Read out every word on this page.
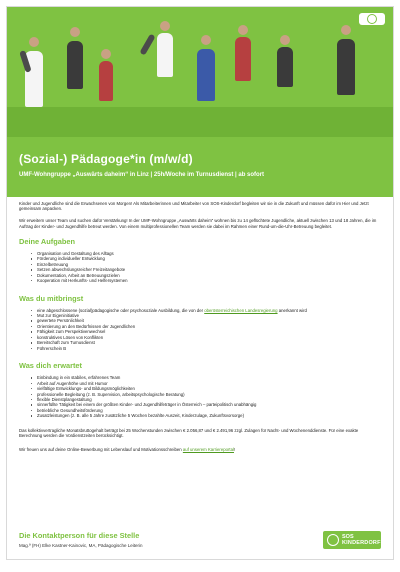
(Sozial-) Pädagoge*in (m/w/d)
UMF-Wohngruppe „Auswärts daheim“ in Linz | 25h/Woche im Turnusdienst | ab sofort

Kinder und Jugendliche sind die Erwachsenen von Morgen! Als Mitarbeiterinnen und Mitarbeiter von SOS-Kinderdorf begleiten wir sie in die Zukunft und müssen dafür im Hier und Jetzt gemeinsam anpacken.

Wir erweitern unser Team und suchen dafür Verstärkung! In der UMF-Wohngruppe „Auswärts daheim“ wohnen bis zu 14 geflüchtete Jugendliche, aktuell zwischen 13 und 18 Jahren, die im Auftrag der Kinder- und Jugendhilfe betreut werden. Von einem multiprofessionellen Team werden sie dabei im Rahmen einer Rund-um-die-Uhr-Betreuung begleitet.

Deine Aufgaben
Organisation und Gestaltung des Alltags
Förderung individueller Entwicklung
Einzelbetreuung
Setzen abwechslungsreicher Freizeitangebote
Dokumentation, Arbeit an Betreuungszielen
Kooperation mit Herkunfts- und Helfersystemen
Was du mitbringst
eine abgeschlossene (sozial)pädagogische oder psychosoziale Ausbildung, die von der oberösterreichischen Landesregierung anerkannt wird
Mut zur Eigeninitiative
gewertete Persönlichkeit
Orientierung an den Bedürfnissen der Jugendlichen
Fähigkeit zum Perspektivenwechsel
konstruktives Lösen von Konflikten
Bereitschaft zum Turnusdienst
Führerschein B
Was dich erwartet
Einbindung in ein stabiles, erfahrenes Team
Arbeit auf Augenhöhe und mit Humor
vielfältige Entwicklungs- und Bildungsmöglichkeiten
professionelle Begleitung (z. B. Supervision, arbeitspsychologische Beratung)
flexible Dienstplangestaltung
sinnerfüllte Tätigkeit bei einem der größten Kinder- und Jugendhilfeträger in Österreich – parteipolitisch unabhängig
betriebliche Gesundheitsförderung
Zusatzleistungen (z. B. alle 5 Jahre zusätzliche 5 Wochen bezahlte Auszeit, Kinderzulage, Zukunftsvorsorge)

Das kollektivvertragliche Monatsbruttogehalt beträgt bei 25 Wochenstunden zwischen € 2.056,87 und € 2.491,96 zzgl. Zulagen für Nacht- und Wochenenddienste. Für eine exakte Berechnung werden die Vordienstzeiten berücksichtigt.

Wir freuen uns auf deine Online-Bewerbung mit Lebenslauf und Motivationsschreiben auf unserem Karriereportal!

Die Kontaktperson für diese Stelle
Mag.ª (FH) Elke Kastner-Kainovic, MA, Pädagogische Leiterin
SOS
KINDERDORF
